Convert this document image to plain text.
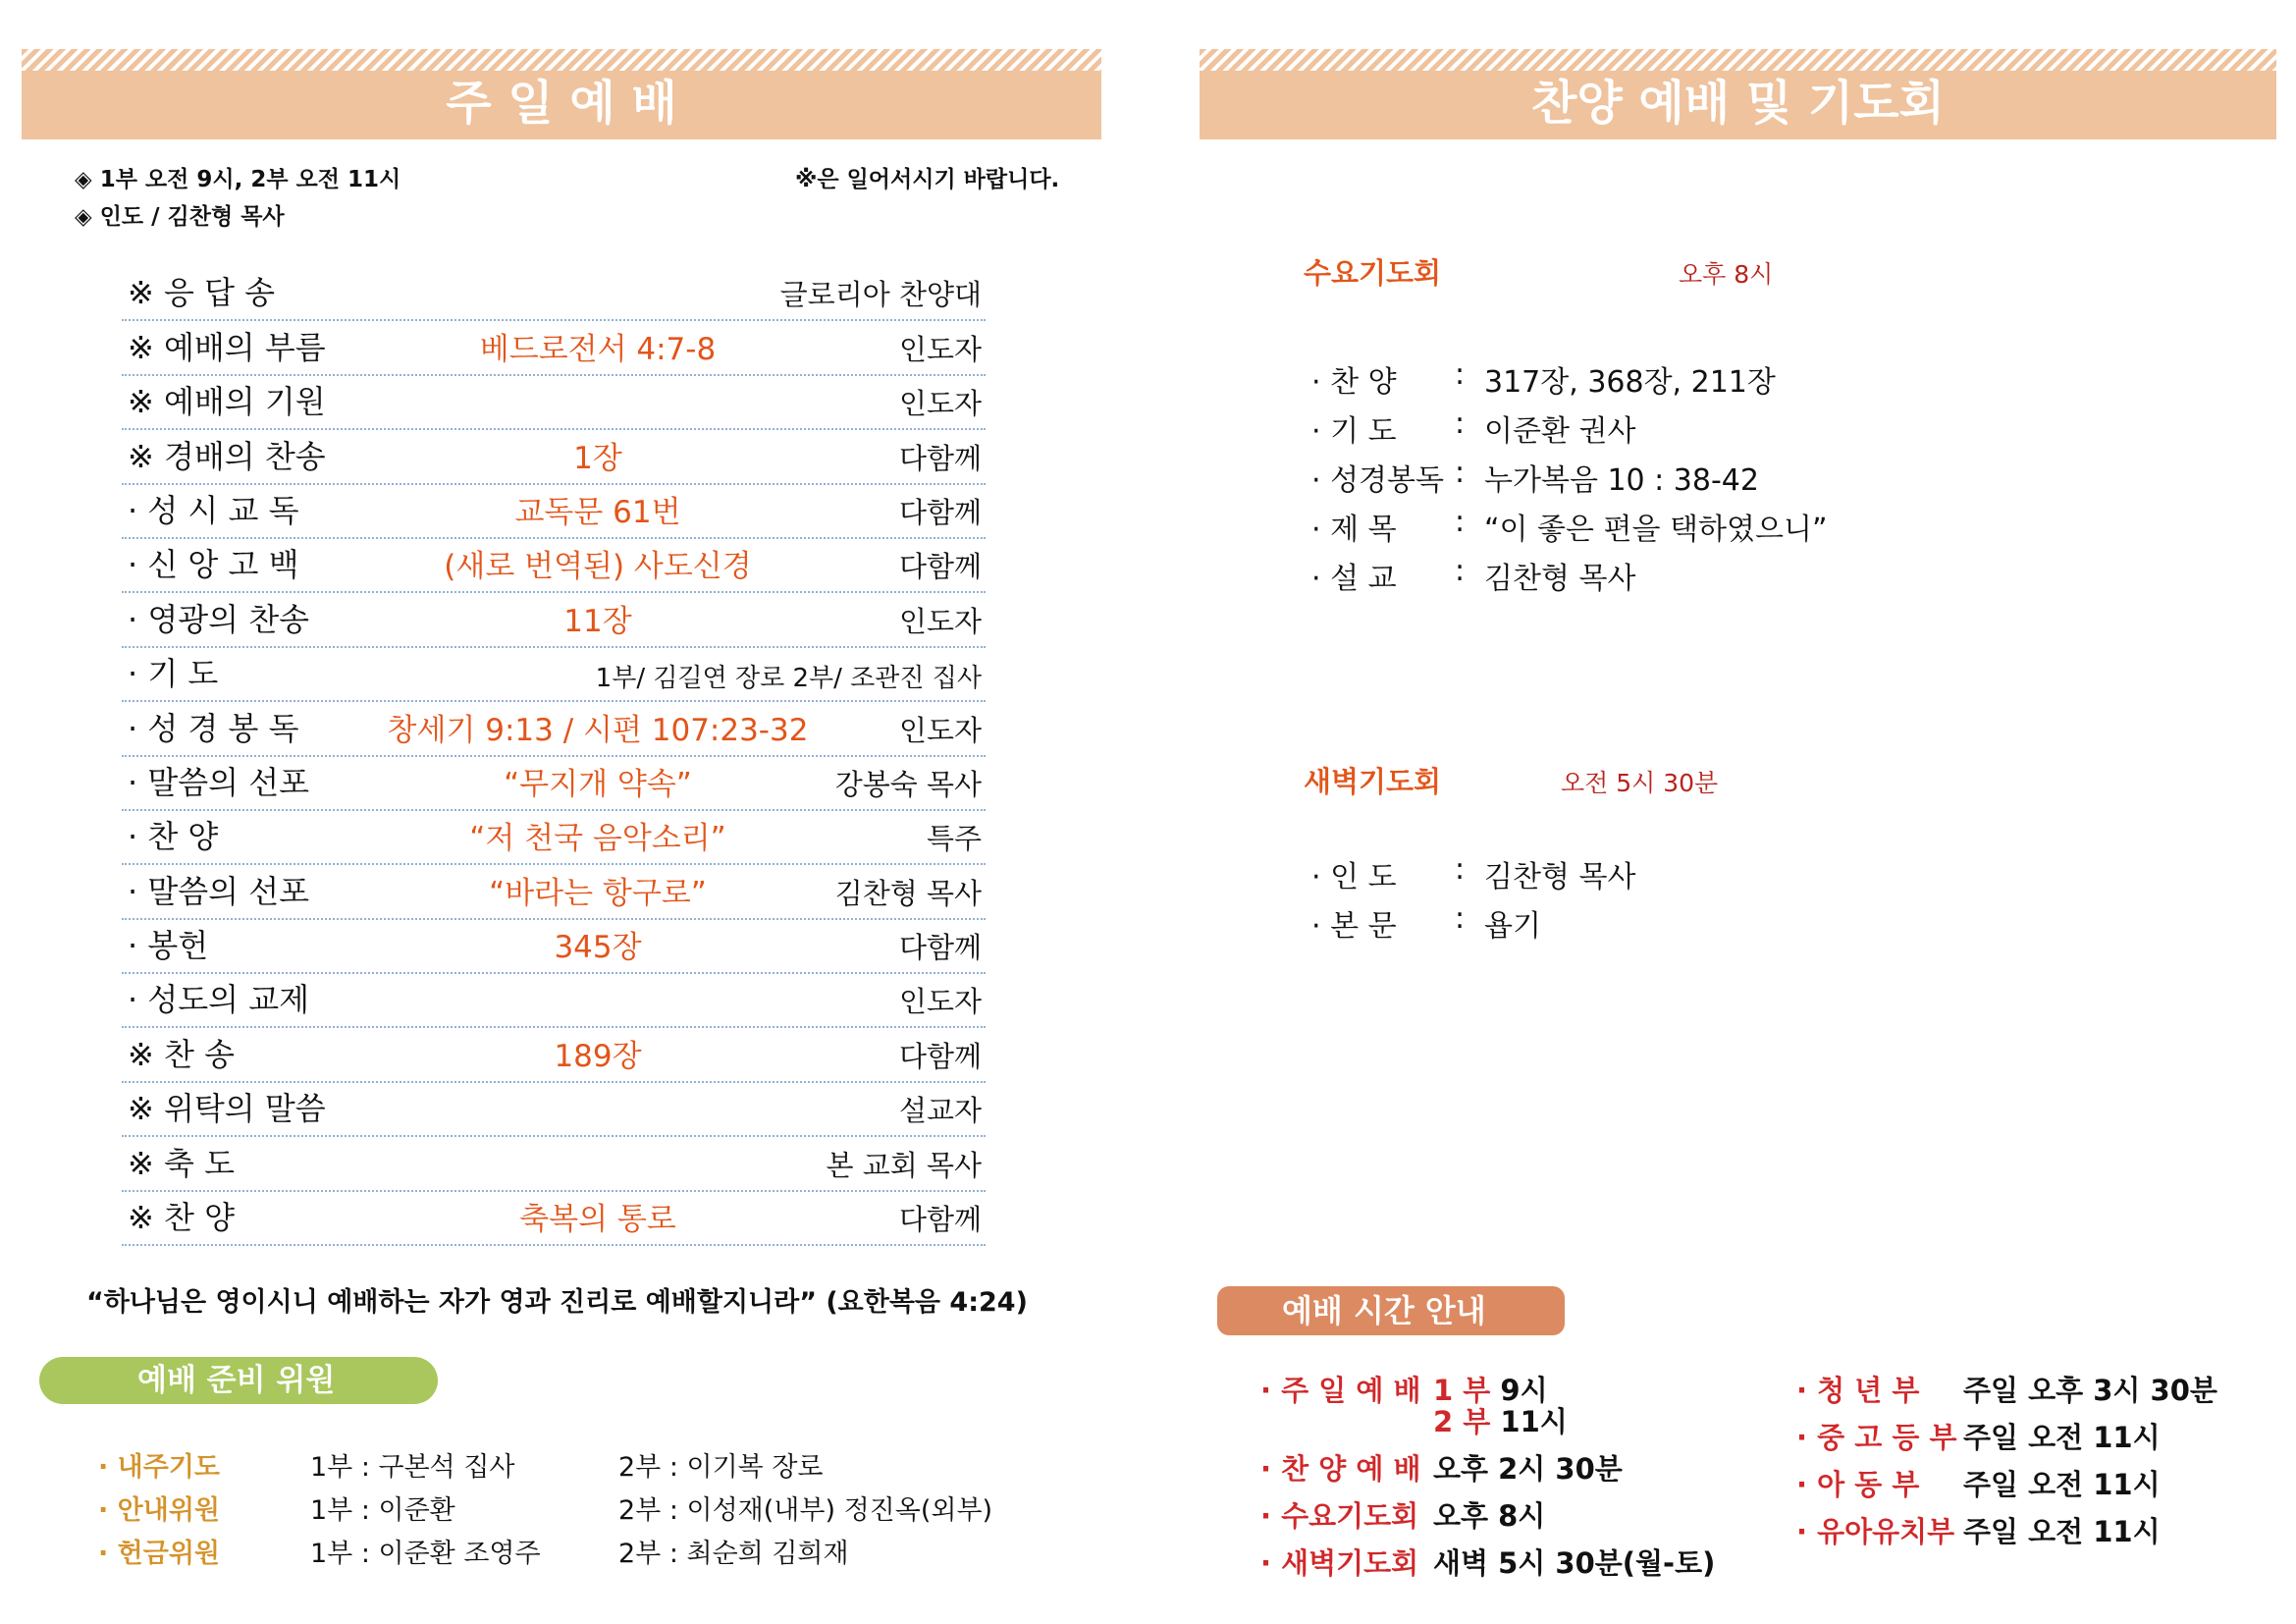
주 일 예 배
◈ 1부 오전 9시, 2부 오전 11시
◈ 인도 / 김찬형 목사
※은 일어서시기 바랍니다.
※ 응 답 송	글로리아 찬양대
※ 예배의 부름	베드로전서 4:7-8	인도자
※ 예배의 기원	인도자
※ 경배의 찬송	1장	다함께
· 성 시 교 독	교독문 61번	다함께
· 신 앙 고 백	(새로 번역된) 사도신경	다함께
· 영광의 찬송	11장	인도자
· 기 도	1부/ 김길연 장로 2부/ 조관진 집사
· 성 경 봉 독	창세기 9:13 / 시편 107:23-32	인도자
· 말씀의 선포	“무지개 약속”	강봉숙 목사
· 찬 양	“저 천국 음악소리”	특주
· 말씀의 선포	“바라는 항구로”	김찬형 목사
· 봉헌	345장	다함께
· 성도의 교제	인도자
※ 찬 송	189장	다함께
※ 위탁의 말씀	설교자
※ 축 도	본 교회 목사
※ 찬 양	축복의 통로	다함께
“하나님은 영이시니 예배하는 자가 영과 진리로 예배할지니라” (요한복음 4:24)
예배 준비 위원
· 내주기도	1부 : 구본석 집사	2부 : 이기복 장로
· 안내위원	1부 : 이준환	2부 : 이성재(내부) 정진옥(외부)
· 헌금위원	1부 : 이준환 조영주	2부 : 최순희 김희재
찬양 예배 및 기도회
수요기도회	오후 8시
· 찬 양 : 317장, 368장, 211장
· 기 도 : 이준환 권사
· 성경봉독 : 누가복음 10 : 38-42
· 제 목 : “이 좋은 편을 택하였으니”
· 설 교 : 김찬형 목사
새벽기도회	오전 5시 30분
· 인 도 : 김찬형 목사
· 본 문 : 욥기
예배 시간 안내
· 주 일 예 배 1 부 9시
2 부 11시
· 찬 양 예 배 오후 2시 30분
· 수요기도회 오후 8시
· 새벽기도회 새벽 5시 30분(월-토)
· 청 년 부 주일 오후 3시 30분
· 중 고 등 부 주일 오전 11시
· 아 동 부 주일 오전 11시
· 유아유치부 주일 오전 11시
